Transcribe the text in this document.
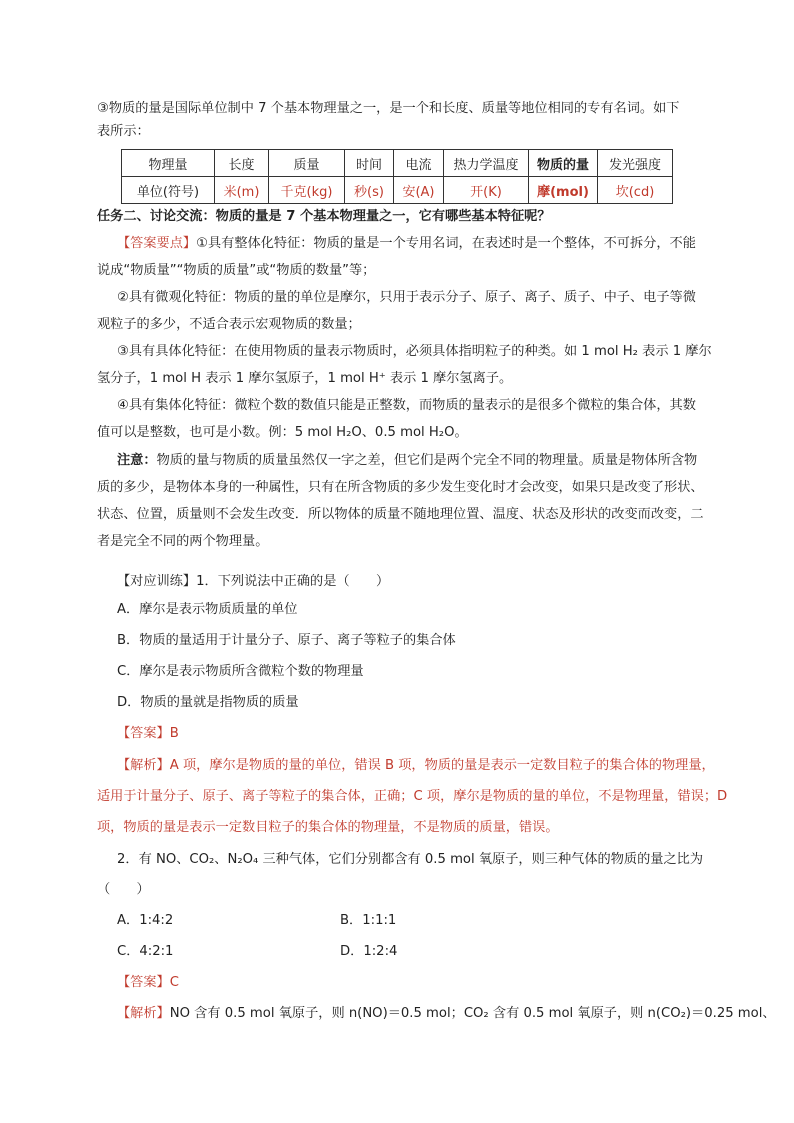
③物质的量是国际单位制中 7 个基本物理量之一，是一个和长度、质量等地位相同的专有名词。如下
表所示：
物理量	长度	质量	时间	电流	热力学温度	物质的量	发光强度
单位(符号)	米(m)	千克(kg)	秒(s)	安(A)	开(K)	摩(mol)	坎(cd)
任务二、讨论交流：物质的量是 7 个基本物理量之一，它有哪些基本特征呢？
【答案要点】①具有整体化特征：物质的量是一个专用名词，在表述时是一个整体，不可拆分，不能
说成“物质量”“物质的质量”或“物质的数量”等；
②具有微观化特征：物质的量的单位是摩尔，只用于表示分子、原子、离子、质子、中子、电子等微
观粒子的多少，不适合表示宏观物质的数量；
③具有具体化特征：在使用物质的量表示物质时，必须具体指明粒子的种类。如 1 mol H₂ 表示 1 摩尔
氢分子，1 mol H 表示 1 摩尔氢原子，1 mol H⁺ 表示 1 摩尔氢离子。
④具有集体化特征：微粒个数的数值只能是正整数，而物质的量表示的是很多个微粒的集合体，其数
值可以是整数，也可是小数。例：5 mol H₂O、0.5 mol H₂O。
注意：物质的量与物质的质量虽然仅一字之差，但它们是两个完全不同的物理量。质量是物体所含物
质的多少，是物体本身的一种属性，只有在所含物质的多少发生变化时才会改变，如果只是改变了形状、
状态、位置，质量则不会发生改变．所以物体的质量不随地理位置、温度、状态及形状的改变而改变，二
者是完全不同的两个物理量。
【对应训练】1．下列说法中正确的是（　　）
A．摩尔是表示物质质量的单位
B．物质的量适用于计量分子、原子、离子等粒子的集合体
C．摩尔是表示物质所含微粒个数的物理量
D．物质的量就是指物质的质量
【答案】B
【解析】A 项，摩尔是物质的量的单位，错误 B 项，物质的量是表示一定数目粒子的集合体的物理量，
适用于计量分子、原子、离子等粒子的集合体，正确；C 项，摩尔是物质的量的单位，不是物理量，错误；D
项，物质的量是表示一定数目粒子的集合体的物理量，不是物质的质量，错误。
2．有 NO、CO₂、N₂O₄ 三种气体，它们分别都含有 0.5 mol 氧原子，则三种气体的物质的量之比为
（　　）
A．1:4:2	B．1:1:1
C．4:2:1	D．1:2:4
【答案】C
【解析】NO 含有 0.5 mol 氧原子，则 n(NO)＝0.5 mol；CO₂ 含有 0.5 mol 氧原子，则 n(CO₂)＝0.25 mol、
